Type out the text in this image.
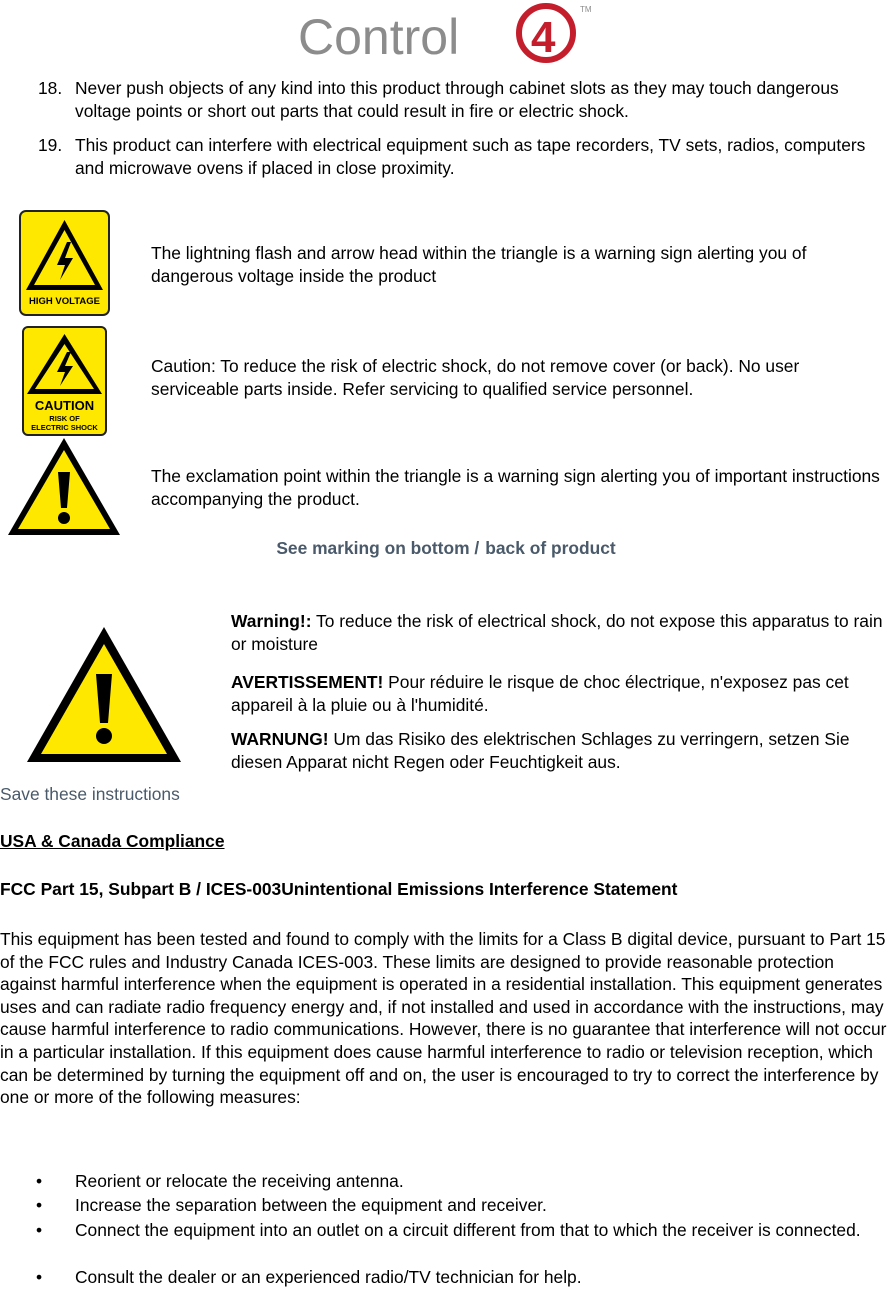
Control 4
TM
18. Never push objects of any kind into this product through cabinet slots as they may touch dangerous voltage points or short out parts that could result in fire or electric shock.
19. This product can interfere with electrical equipment such as tape recorders, TV sets, radios, computers and microwave ovens if placed in close proximity.
HIGH VOLTAGE
The lightning flash and arrow head within the triangle is a warning sign alerting you of dangerous voltage inside the product
CAUTION
RISK OF
ELECTRIC SHOCK
Caution: To reduce the risk of electric shock, do not remove cover (or back). No user serviceable parts inside. Refer servicing to qualified service personnel.
The exclamation point within the triangle is a warning sign alerting you of important instructions accompanying the product.
See marking on bottom / back of product
Warning!: To reduce the risk of electrical shock, do not expose this apparatus to rain or moisture
AVERTISSEMENT! Pour réduire le risque de choc électrique, n'exposez pas cet appareil à la pluie ou à l'humidité.
WARNUNG! Um das Risiko des elektrischen Schlages zu verringern, setzen Sie diesen Apparat nicht Regen oder Feuchtigkeit aus.
Save these instructions
USA & Canada Compliance
FCC Part 15, Subpart B / ICES-003Unintentional Emissions Interference Statement
This equipment has been tested and found to comply with the limits for a Class B digital device, pursuant to Part 15 of the FCC rules and Industry Canada ICES-003. These limits are designed to provide reasonable protection against harmful interference when the equipment is operated in a residential installation. This equipment generates uses and can radiate radio frequency energy and, if not installed and used in accordance with the instructions, may cause harmful interference to radio communications. However, there is no guarantee that interference will not occur in a particular installation. If this equipment does cause harmful interference to radio or television reception, which can be determined by turning the equipment off and on, the user is encouraged to try to correct the interference by one or more of the following measures:
• Reorient or relocate the receiving antenna.
• Increase the separation between the equipment and receiver.
• Connect the equipment into an outlet on a circuit different from that to which the receiver is connected.
• Consult the dealer or an experienced radio/TV technician for help.
